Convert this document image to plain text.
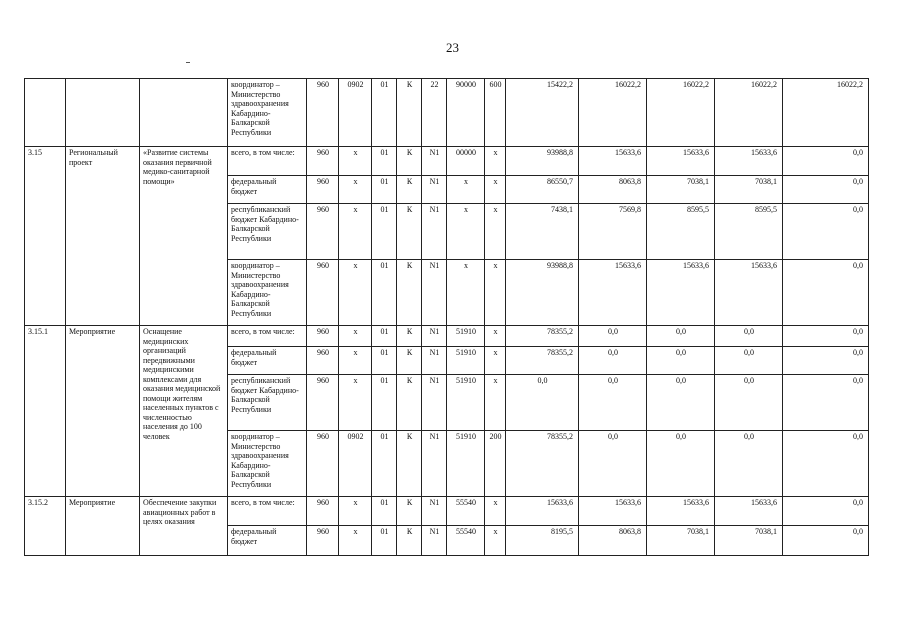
23
			координатор – Министерство здравоохранения Кабардино-Балкарской Республики	960	0902	01	К	22	90000	600	15422,2	16022,2	16022,2	16022,2	16022,2
3.15	Региональный проект	«Развитие системы оказания первичной медико-санитарной помощи»	всего, в том числе:	960	х	01	К	N1	00000	х	93988,8	15633,6	15633,6	15633,6	0,0
			федеральный бюджет	960	х	01	К	N1	х	х	86550,7	8063,8	7038,1	7038,1	0,0
			республиканский бюджет Кабардино-Балкарской Республики	960	х	01	К	N1	х	х	7438,1	7569,8	8595,5	8595,5	0,0
			координатор – Министерство здравоохранения Кабардино-Балкарской Республики	960	х	01	К	N1	х	х	93988,8	15633,6	15633,6	15633,6	0,0
3.15.1	Мероприятие	Оснащение медицинских организаций передвижными медицинскими комплексами для оказания медицинской помощи жителям населенных пунктов с численностью населения до 100 человек	всего, в том числе:	960	х	01	К	N1	51910	х	78355,2	0,0	0,0	0,0	0,0
			федеральный бюджет	960	х	01	К	N1	51910	х	78355,2	0,0	0,0	0,0	0,0
			республиканский бюджет Кабардино-Балкарской Республики	960	х	01	К	N1	51910	х	0,0	0,0	0,0	0,0	0,0
			координатор – Министерство здравоохранения Кабардино-Балкарской Республики	960	0902	01	К	N1	51910	200	78355,2	0,0	0,0	0,0	0,0
3.15.2	Мероприятие	Обеспечение закупки авиационных работ в целях оказания	всего, в том числе:	960	х	01	К	N1	55540	х	15633,6	15633,6	15633,6	15633,6	0,0
			федеральный бюджет	960	х	01	К	N1	55540	х	8195,5	8063,8	7038,1	7038,1	0,0
